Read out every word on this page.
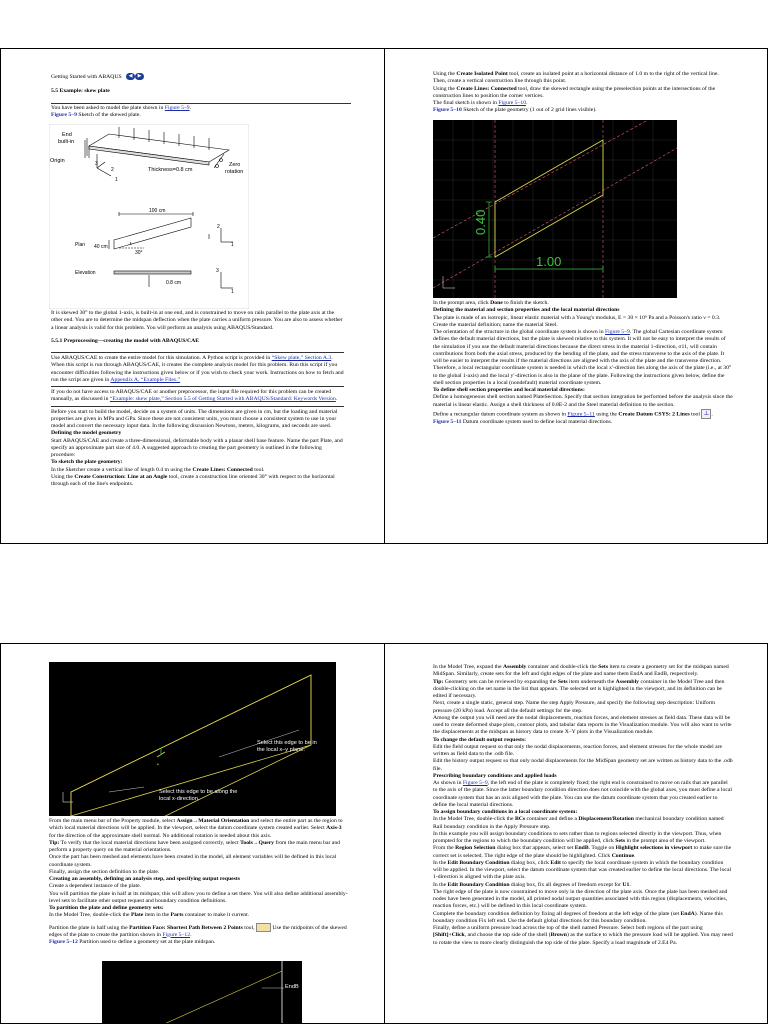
Getting Started with ABAQUS ◀ ▶
5.5 Example: skew plate

You have been asked to model the plate shown in Figure 5–9.

Figure 5–9 Sketch of the skewed plate.

End
built-in
Origin
Thickness=0.8 cm
Zero
rotation
3
2
1
100 cm
Plan 40 cm
30°
2
1
Elevation
0.8 cm
3
1

It is skewed 30° to the global 1-axis, is built-in at one end, and is constrained to move on rails parallel to the plate axis at the other end. You are to determine the midspan deflection when the plate carries a uniform pressure. You are also to assess whether a linear analysis is valid for this problem. You will perform an analysis using ABAQUS/Standard.

5.5.1 Preprocessing—creating the model with ABAQUS/CAE

Use ABAQUS/CAE to create the entire model for this simulation. A Python script is provided in “Skew plate,” Section A.3. When this script is run through ABAQUS/CAE, it creates the complete analysis model for this problem. Run this script if you encounter difficulties following the instructions given below or if you wish to check your work. Instructions on how to fetch and run the script are given in Appendix A, “Example Files.”

If you do not have access to ABAQUS/CAE or another preprocessor, the input file required for this problem can be created manually, as discussed in “Example: skew plate,” Section 5.5 of Getting Started with ABAQUS/Standard: Keywords Version.

Before you start to build the model, decide on a system of units. The dimensions are given in cm, but the loading and material properties are given in MPa and GPa. Since these are not consistent units, you must choose a consistent system to use in your model and convert the necessary input data. In the following discussion Newtons, meters, kilograms, and seconds are used.

Defining the model geometry

Start ABAQUS/CAE and create a three-dimensional, deformable body with a planar shell base feature. Name the part Plate, and specify an approximate part size of 4.0. A suggested approach to creating the part geometry is outlined in the following procedure:

To sketch the plate geometry:

In the Sketcher create a vertical line of length 0.4 m using the Create Lines: Connected tool.

Using the Create Construction: Line at an Angle tool, create a construction line oriented 30° with respect to the horizontal through each of the line's endpoints.

Using the Create Isolated Point tool, create an isolated point at a horizontal distance of 1.0 m to the right of the vertical line. Then, create a vertical construction line through this point.

Using the Create Lines: Connected tool, draw the skewed rectangle using the preselection points at the intersections of the construction lines to position the corner vertices.

The final sketch is shown in Figure 5–10.

Figure 5–10 Sketch of the plate geometry (1 out of 2 grid lines visible).

0.40
1.00

In the prompt area, click Done to finish the sketch.

Defining the material and section properties and the local material directions

The plate is made of an isotropic, linear elastic material with a Young's modulus, E = 30 × 10⁹ Pa and a Poisson's ratio ν = 0.3. Create the material definition; name the material Steel.

The orientation of the structure in the global coordinate system is shown in Figure 5–9. The global Cartesian coordinate system defines the default material directions, but the plate is skewed relative to this system. It will not be easy to interpret the results of the simulation if you use the default material directions because the direct stress in the material 1-direction, σ11, will contain contributions from both the axial stress, produced by the bending of the plate, and the stress transverse to the axis of the plate. It will be easier to interpret the results if the material directions are aligned with the axis of the plate and the transverse direction. Therefore, a local rectangular coordinate system is needed in which the local x′-direction lies along the axis of the plate (i.e., at 30° to the global 1-axis) and the local y′-direction is also in the plane of the plate. Following the instructions given below, define the shell section properties in a local (nondefault) material coordinate system.

To define shell section properties and local material directions:

Define a homogeneous shell section named PlateSection. Specify that section integration be performed before the analysis since the material is linear elastic. Assign a shell thickness of 0.8E-2 and the Steel material definition to the section.

Define a rectangular datum coordinate system as shown in Figure 5–11 using the Create Datum CSYS: 2 Lines tool ⊥ .

Figure 5–11 Datum coordinate system used to define local material directions.

•
Select this edge to be in the local x–y plane.
Select this edge to be along the local x-direction.

From the main menu bar of the Property module, select Assign→Material Orientation and select the entire part as the region to which local material directions will be applied. In the viewport, select the datum coordinate system created earlier. Select Axis-3 for the direction of the approximate shell normal. No additional rotation is needed about this axis.

Tip: To verify that the local material directions have been assigned correctly, select Tools→Query from the main menu bar and perform a property query on the material orientations.

Once the part has been meshed and elements have been created in the model, all element variables will be defined in this local coordinate system.

Finally, assign the section definition to the plate.

Creating an assembly, defining an analysis step, and specifying output requests

Create a dependent instance of the plate.

You will partition the plate in half at its midspan; this will allow you to define a set there. You will also define additional assembly-level sets to facilitate other output request and boundary condition definitions.

To partition the plate and define geometry sets:

In the Model Tree, double-click the Plate item in the Parts container to make it current.

Partition the plate in half using the Partition Face: Shortest Path Between 2 Points tool,	Use the midpoints of the skewed edges of the plate to create the partition shown in Figure 5–12.

Figure 5–12 Partition used to define a geometry set at the plate midspan.

EndB

In the Model Tree, expand the Assembly container and double-click the Sets item to create a geometry set for the midspan named MidSpan. Similarly, create sets for the left and right edges of the plate and name them EndA and EndB, respectively.

Tip: Geometry sets can be reviewed by expanding the Sets item underneath the Assembly container in the Model Tree and then double-clicking on the set name in the list that appears. The selected set is highlighted in the viewport, and its definition can be edited if necessary.

Next, create a single static, general step. Name the step Apply Pressure, and specify the following step description: Uniform pressure (20 kPa) load. Accept all the default settings for the step.

Among the output you will need are the nodal displacements, reaction forces, and element stresses as field data. These data will be used to create deformed shape plots, contour plots, and tabular data reports in the Visualization module. You will also want to write the displacements at the midspan as history data to create X–Y plots in the Visualization module.

To change the default output requests:

Edit the field output request so that only the nodal displacements, reaction forces, and element stresses for the whole model are written as field data to the .odb file.

Edit the history output request so that only nodal displacements for the MidSpan geometry set are written as history data to the .odb file.

Prescribing boundary conditions and applied loads

As shown in Figure 5–9, the left end of the plate is completely fixed; the right end is constrained to move on rails that are parallel to the axis of the plate. Since the latter boundary condition direction does not coincide with the global axes, you must define a local coordinate system that has an axis aligned with the plate. You can use the datum coordinate system that you created earlier to define the local material directions.

To assign boundary conditions in a local coordinate system:

In the Model Tree, double-click the BCs container and define a Displacement/Rotation mechanical boundary condition named Rail boundary condition in the Apply Pressure step.

In this example you will assign boundary conditions to sets rather than to regions selected directly in the viewport. Thus, when prompted for the regions to which the boundary condition will be applied, click Sets in the prompt area of the viewport.

From the Region Selection dialog box that appears, select set EndB. Toggle on Highlight selections in viewport to make sure the correct set is selected. The right edge of the plate should be highlighted. Click Continue.

In the Edit Boundary Condition dialog box, click Edit to specify the local coordinate system in which the boundary condition will be applied. In the viewport, select the datum coordinate system that was created earlier to define the local directions. The local 1-direction is aligned with the plate axis.

In the Edit Boundary Condition dialog box, fix all degrees of freedom except for U1.

The right edge of the plate is now constrained to move only in the direction of the plate axis. Once the plate has been meshed and nodes have been generated in the model, all printed nodal output quantities associated with this region (displacements, velocities, reaction forces, etc.) will be defined in this local coordinate system.

Complete the boundary condition definition by fixing all degrees of freedom at the left edge of the plate (set EndA). Name this boundary condition Fix left end. Use the default global directions for this boundary condition.

Finally, define a uniform pressure load across the top of the shell named Pressure. Select both regions of the part using [Shift]+Click, and choose the top side of the shell (Brown) as the surface to which the pressure load will be applied. You may need to rotate the view to more clearly distinguish the top side of the plate. Specify a load magnitude of 2.E4 Pa.
